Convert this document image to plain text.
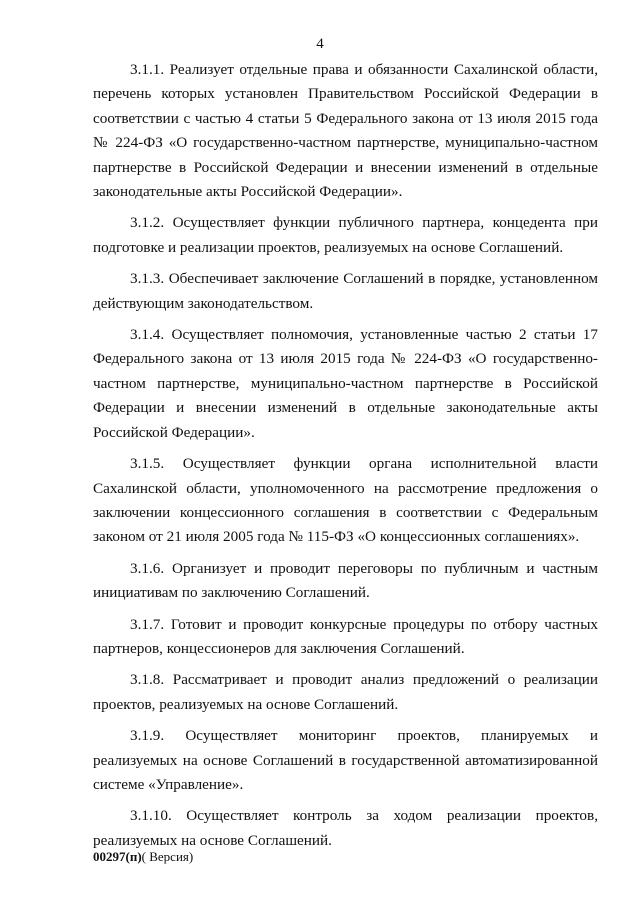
4

3.1.1. Реализует отдельные права и обязанности Сахалинской области, перечень которых установлен Правительством Российской Федерации в соответствии с частью 4 статьи 5 Федерального закона от 13 июля 2015 года № 224-ФЗ «О государственно-частном партнерстве, муниципально-частном партнерстве в Российской Федерации и внесении изменений в отдельные законодательные акты Российской Федерации».

3.1.2. Осуществляет функции публичного партнера, концедента при подготовке и реализации проектов, реализуемых на основе Соглашений.

3.1.3. Обеспечивает заключение Соглашений в порядке, установленном действующим законодательством.

3.1.4. Осуществляет полномочия, установленные частью 2 статьи 17 Федерального закона от 13 июля 2015 года № 224-ФЗ «О государственно-частном партнерстве, муниципально-частном партнерстве в Российской Федерации и внесении изменений в отдельные законодательные акты Российской Федерации».

3.1.5. Осуществляет функции органа исполнительной власти Сахалинской области, уполномоченного на рассмотрение предложения о заключении концессионного соглашения в соответствии с Федеральным законом от 21 июля 2005 года № 115-ФЗ «О концессионных соглашениях».

3.1.6. Организует и проводит переговоры по публичным и частным инициативам по заключению Соглашений.

3.1.7. Готовит и проводит конкурсные процедуры по отбору частных партнеров, концессионеров для заключения Соглашений.

3.1.8. Рассматривает и проводит анализ предложений о реализации проектов, реализуемых на основе Соглашений.

3.1.9. Осуществляет мониторинг проектов, планируемых и реализуемых на основе Соглашений в государственной автоматизированной системе «Управление».

3.1.10. Осуществляет контроль за ходом реализации проектов, реализуемых на основе Соглашений.

00297(п)( Версия)
